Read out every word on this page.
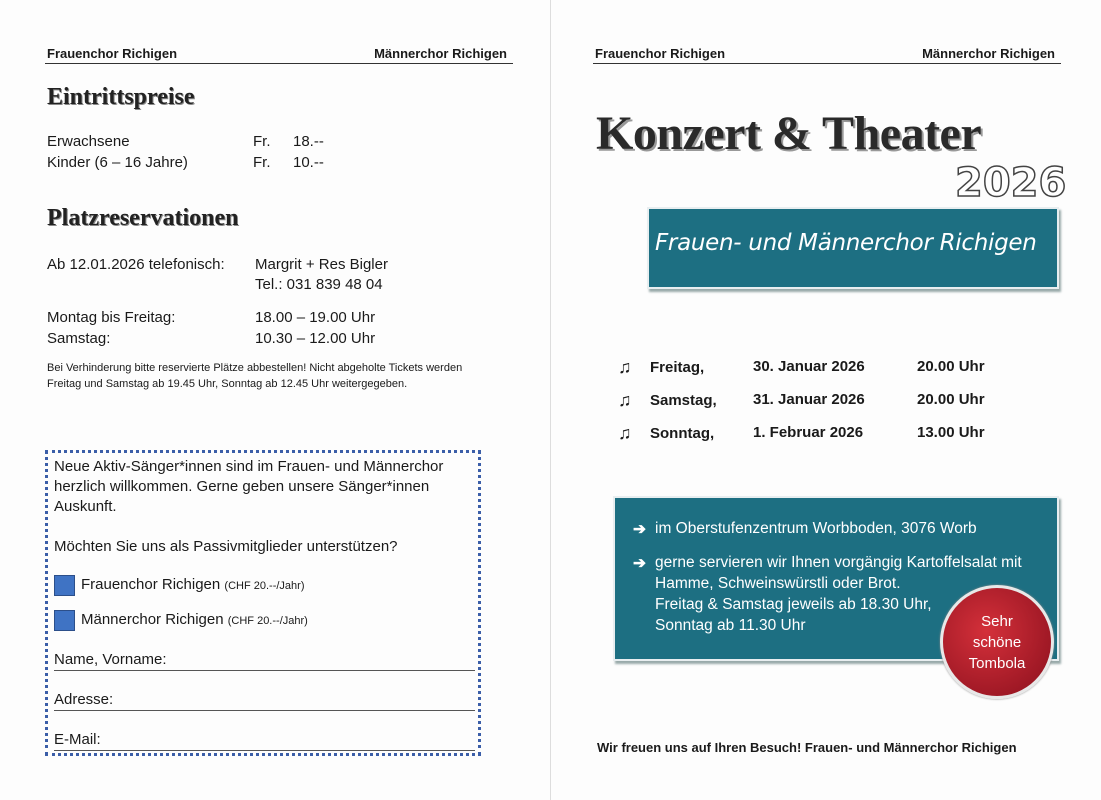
Frauenchor Richigen	Männerchor Richigen
Eintrittspreise
Erwachsene	Fr. 18.--
Kinder (6 – 16 Jahre)	Fr. 10.--
Platzreservationen
Ab 12.01.2026 telefonisch: Margrit + Res Bigler
Tel.: 031 839 48 04
Montag bis Freitag:	18.00 – 19.00 Uhr
Samstag:	10.30 – 12.00 Uhr
Bei Verhinderung bitte reservierte Plätze abbestellen! Nicht abgeholte Tickets werden
Freitag und Samstag ab 19.45 Uhr, Sonntag ab 12.45 Uhr weitergegeben.
Neue Aktiv-Sänger*innen sind im Frauen- und Männerchor
herzlich willkommen. Gerne geben unsere Sänger*innen
Auskunft.
Möchten Sie uns als Passivmitglieder unterstützen?
Frauenchor Richigen (CHF 20.--/Jahr)
Männerchor Richigen (CHF 20.--/Jahr)
Name, Vorname:
Adresse:
E-Mail:
Frauenchor Richigen	Männerchor Richigen
Konzert & Theater
2026
Frauen- und Männerchor Richigen
♫ Freitag,	30. Januar 2026	20.00 Uhr
♫ Samstag, 31. Januar 2026	20.00 Uhr
♫ Sonntag,	1. Februar 2026	13.00 Uhr
➔ im Oberstufenzentrum Worbboden, 3076 Worb
➔ gerne servieren wir Ihnen vorgängig Kartoffelsalat mit
Hamme, Schweinswürstli oder Brot.
Freitag & Samstag jeweils ab 18.30 Uhr,
Sonntag ab 11.30 Uhr	Sehr
schöne
Tombola
Wir freuen uns auf Ihren Besuch! Frauen- und Männerchor Richigen
